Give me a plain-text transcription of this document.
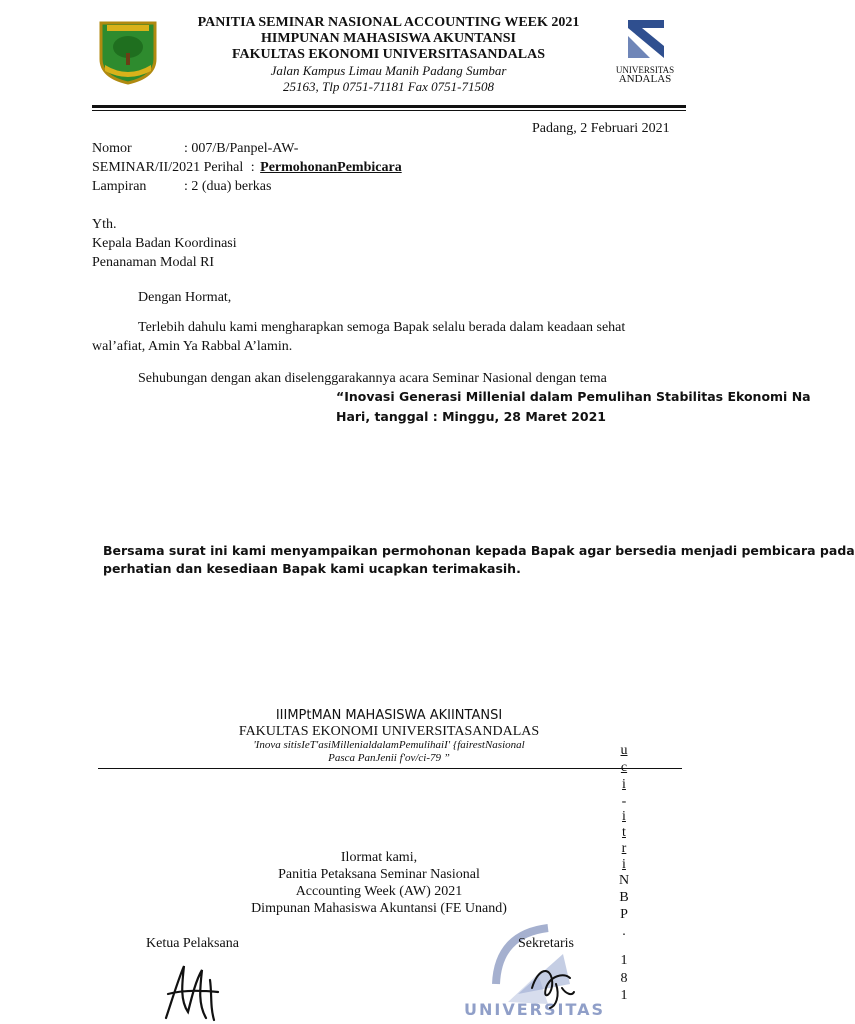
PANITIA SEMINAR NASIONAL ACCOUNTING WEEK 2021
HIMPUNAN MAHASISWA AKUNTANSI
FAKULTAS EKONOMI UNIVERSITASANDALAS
Jalan Kampus Limau Manih Padang Sumbar
25163, Tlp 0751-71181 Fax 0751-71508
UNIVERSITAS
ANDALAS
Padang, 2 Februari 2021
Nomor	: 007/B/Panpel-AW-
SEMINAR/II/2021 Perihal : PermohonanPembicara
Lampiran	: 2 (dua) berkas
Yth.
Kepala Badan Koordinasi
Penanaman Modal RI
Dengan Hormat,
Terlebih dahulu kami mengharapkan semoga Bapak selalu berada dalam keadaan sehat
wal’afiat, Amin Ya Rabbal A’lamin.
Sehubungan dengan akan diselenggarakannya acara Seminar Nasional dengan tema
“Inovasi Generasi Millenial dalam Pemulihan Stabilitas Ekonomi Na
Hari, tanggal : Minggu, 28 Maret 2021
Bersama surat ini kami menyampaikan permohonan kepada Bapak agar bersedia menjadi pembicara pada
perhatian dan kesediaan Bapak kami ucapkan terimakasih.
IIIMPtMAN MAHASISWA AKIINTANSI
FAKULTAS EKONOMI UNIVERSITASANDALAS
'Inova sitisIeT'asiMillenialdalamPemulihaiI' {fairestNasional
Pasca PanJenii f'ov/ci-79 ”	u
c
i
-
i
t
r
i
N
B
P
.
1
8
1
Ilormat kami,
Panitia Petaksana Seminar Nasional
Accounting Week (AW) 2021
Dimpunan Mahasiswa Akuntansi (FE Unand)
Ketua Pelaksana
UNIVERSITAS
Sekretaris
